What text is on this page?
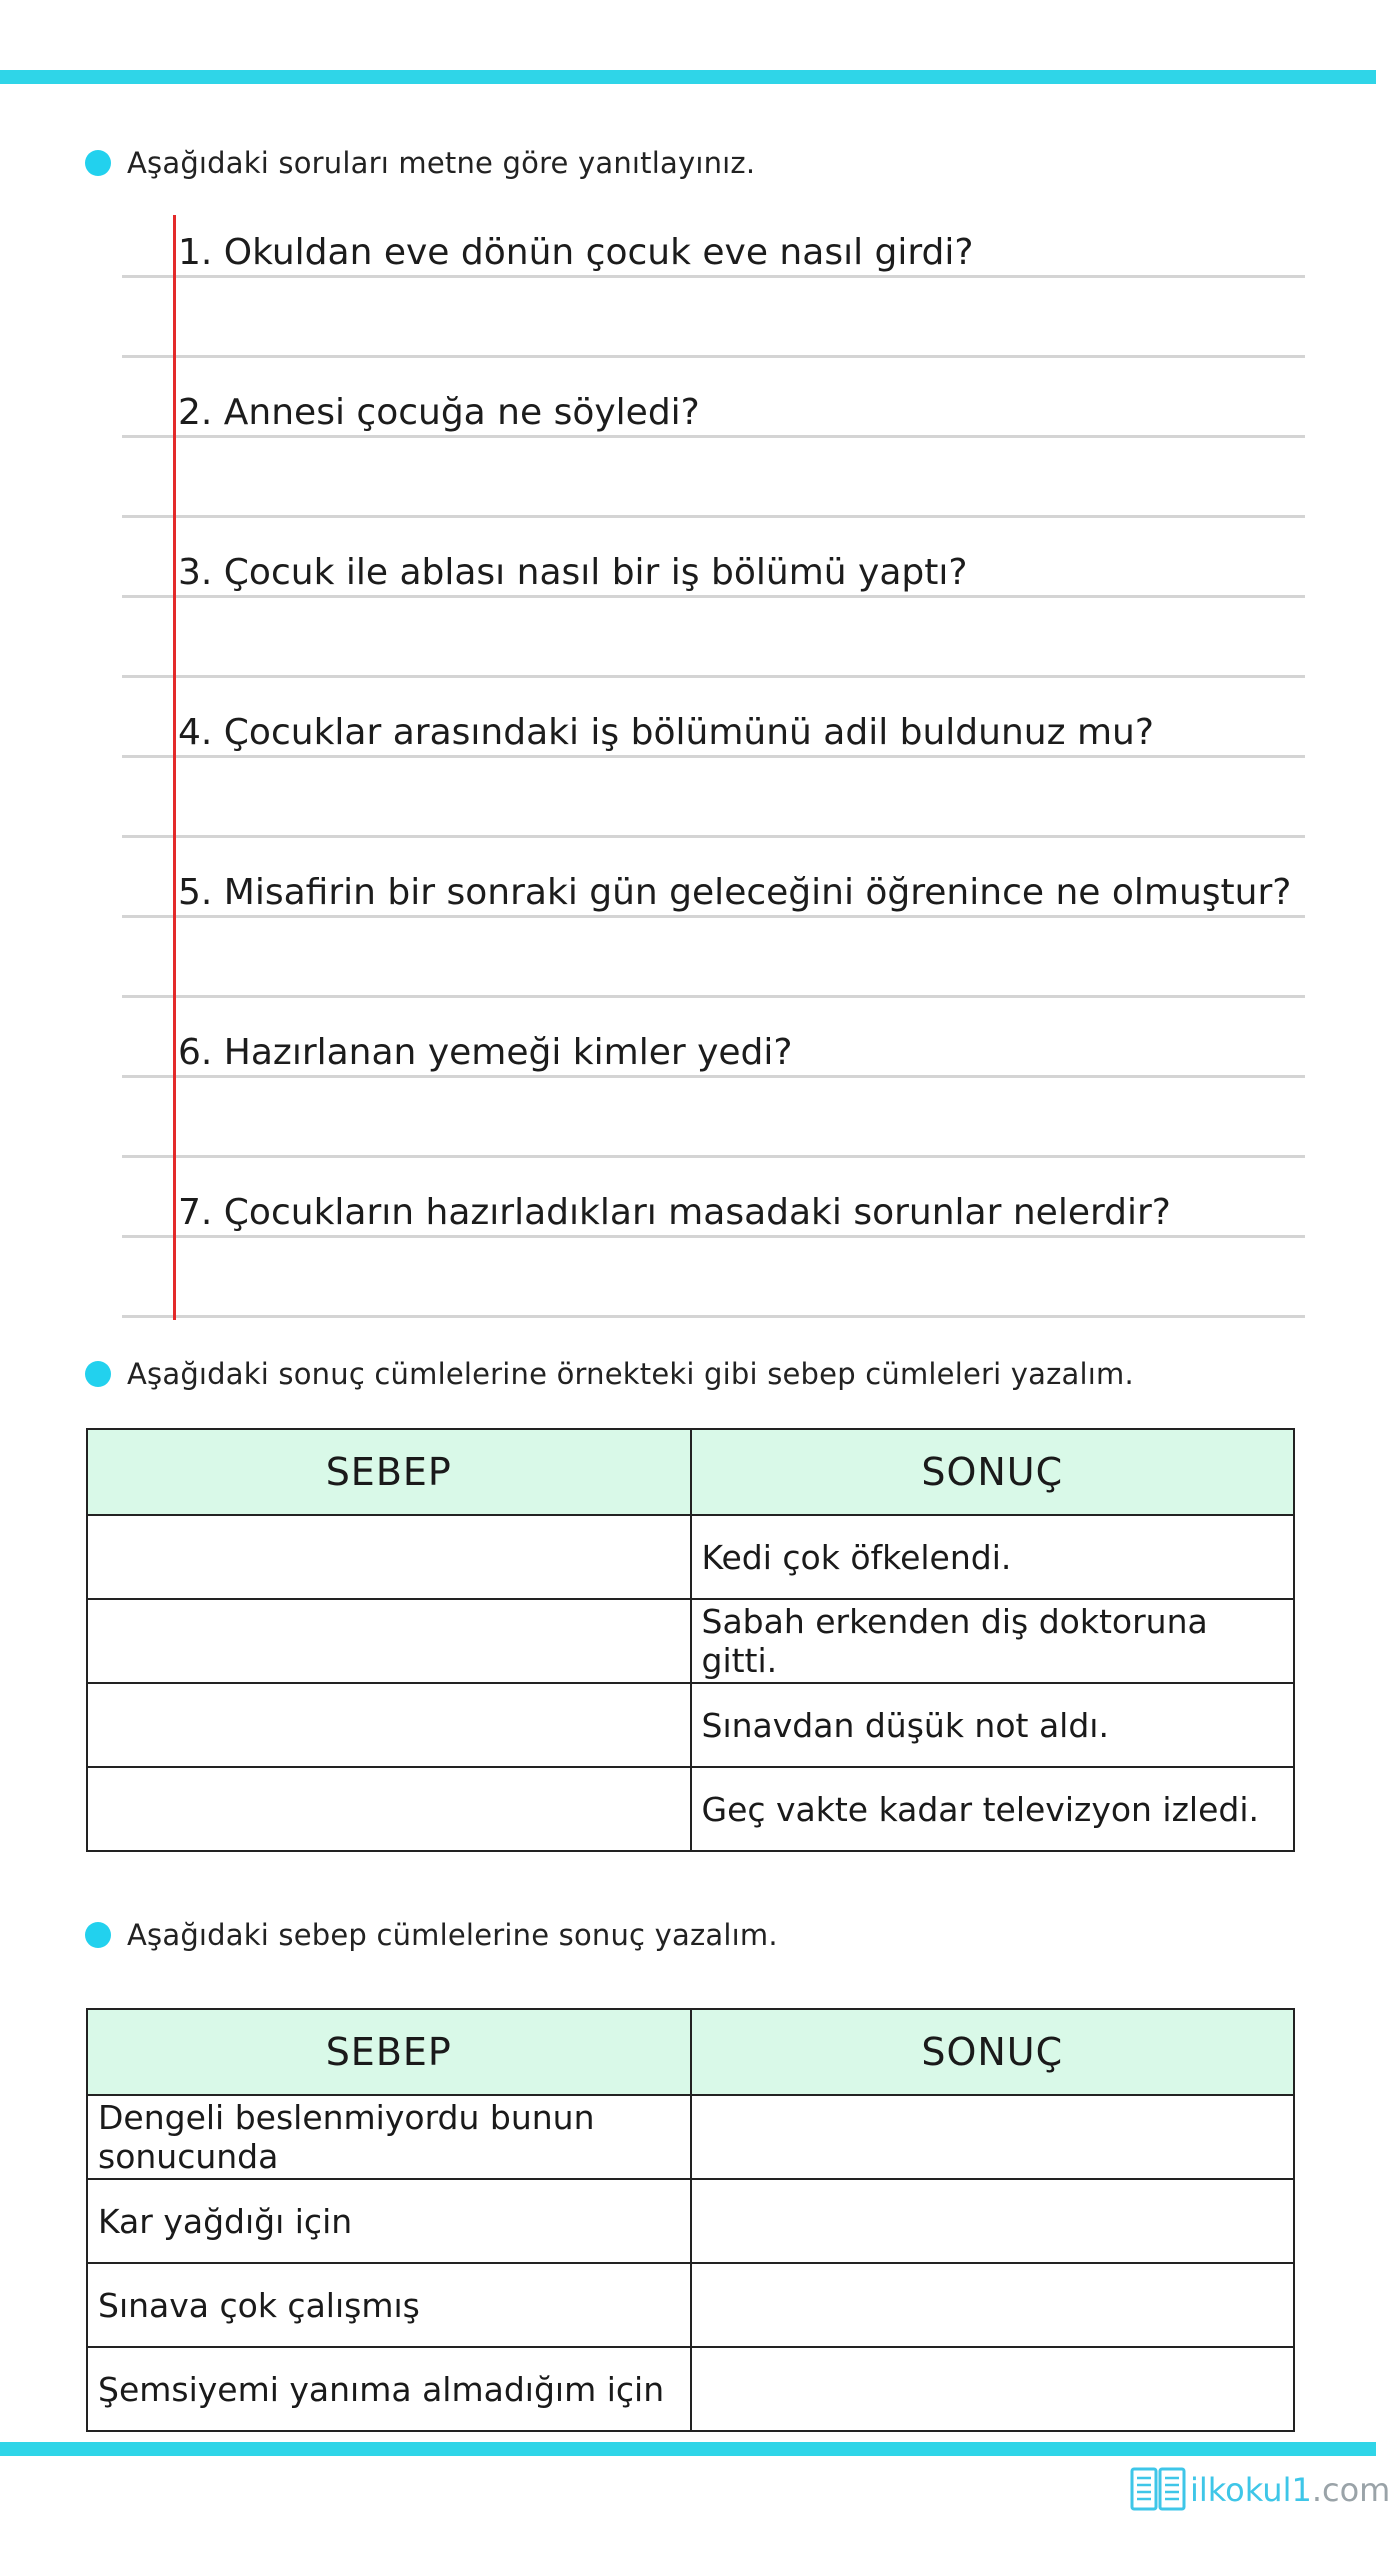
Aşağıdaki soruları metne göre yanıtlayınız.
1. Okuldan eve dönün çocuk eve nasıl girdi?
2. Annesi çocuğa ne söyledi?
3. Çocuk ile ablası nasıl bir iş bölümü yaptı?
4. Çocuklar arasındaki iş bölümünü adil buldunuz mu?
5. Misafirin bir sonraki gün geleceğini öğrenince ne olmuştur?
6. Hazırlanan yemeği kimler yedi?
7. Çocukların hazırladıkları masadaki sorunlar nelerdir?
Aşağıdaki sonuç cümlelerine örnekteki gibi sebep cümleleri yazalım.
SEBEP	SONUÇ
	Kedi çok öfkelendi.
	Sabah erkenden diş doktoruna gitti.
	Sınavdan düşük not aldı.
	Geç vakte kadar televizyon izledi.
Aşağıdaki sebep cümlelerine sonuç yazalım.
SEBEP	SONUÇ
Dengeli beslenmiyordu bunun sonucunda	
Kar yağdığı için	
Sınava çok çalışmış	
Şemsiyemi yanıma almadığım için	
ilkokul1.com
